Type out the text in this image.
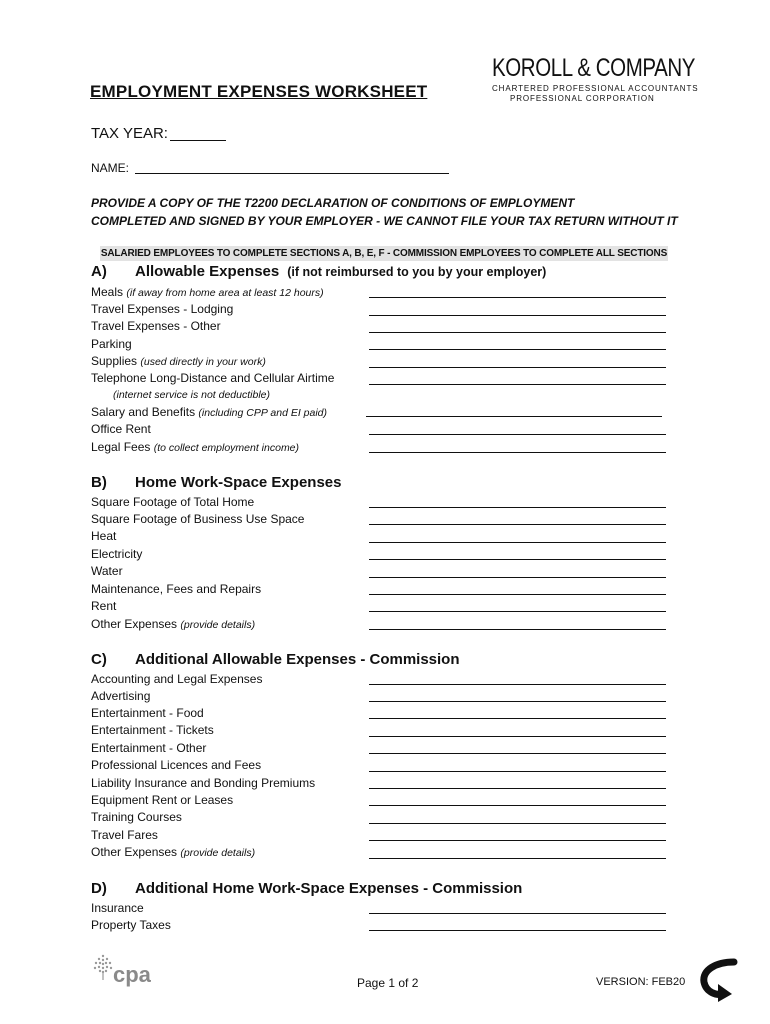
EMPLOYMENT EXPENSES WORKSHEET
KOROLL & COMPANY
CHARTERED PROFESSIONAL ACCOUNTANTS
PROFESSIONAL CORPORATION
TAX YEAR:
NAME:
PROVIDE A COPY OF THE T2200 DECLARATION OF CONDITIONS OF EMPLOYMENT
COMPLETED AND SIGNED BY YOUR EMPLOYER - WE CANNOT FILE YOUR TAX RETURN WITHOUT IT
SALARIED EMPLOYEES TO COMPLETE SECTIONS A, B, E, F - COMMISSION EMPLOYEES TO COMPLETE ALL SECTIONS
A) Allowable Expenses (if not reimbursed to you by your employer)
Meals (if away from home area at least 12 hours)
Travel Expenses - Lodging
Travel Expenses - Other
Parking
Supplies (used directly in your work)
Telephone Long-Distance and Cellular Airtime
(internet service is not deductible)
Salary and Benefits (including CPP and EI paid)
Office Rent
Legal Fees (to collect employment income)
B) Home Work-Space Expenses
Square Footage of Total Home
Square Footage of Business Use Space
Heat
Electricity
Water
Maintenance, Fees and Repairs
Rent
Other Expenses (provide details)
C) Additional Allowable Expenses - Commission
Accounting and Legal Expenses
Advertising
Entertainment - Food
Entertainment - Tickets
Entertainment - Other
Professional Licences and Fees
Liability Insurance and Bonding Premiums
Equipment Rent or Leases
Training Courses
Travel Fares
Other Expenses (provide details)
D) Additional Home Work-Space Expenses - Commission
Insurance
Property Taxes
cpa	Page 1 of 2	VERSION: FEB20
